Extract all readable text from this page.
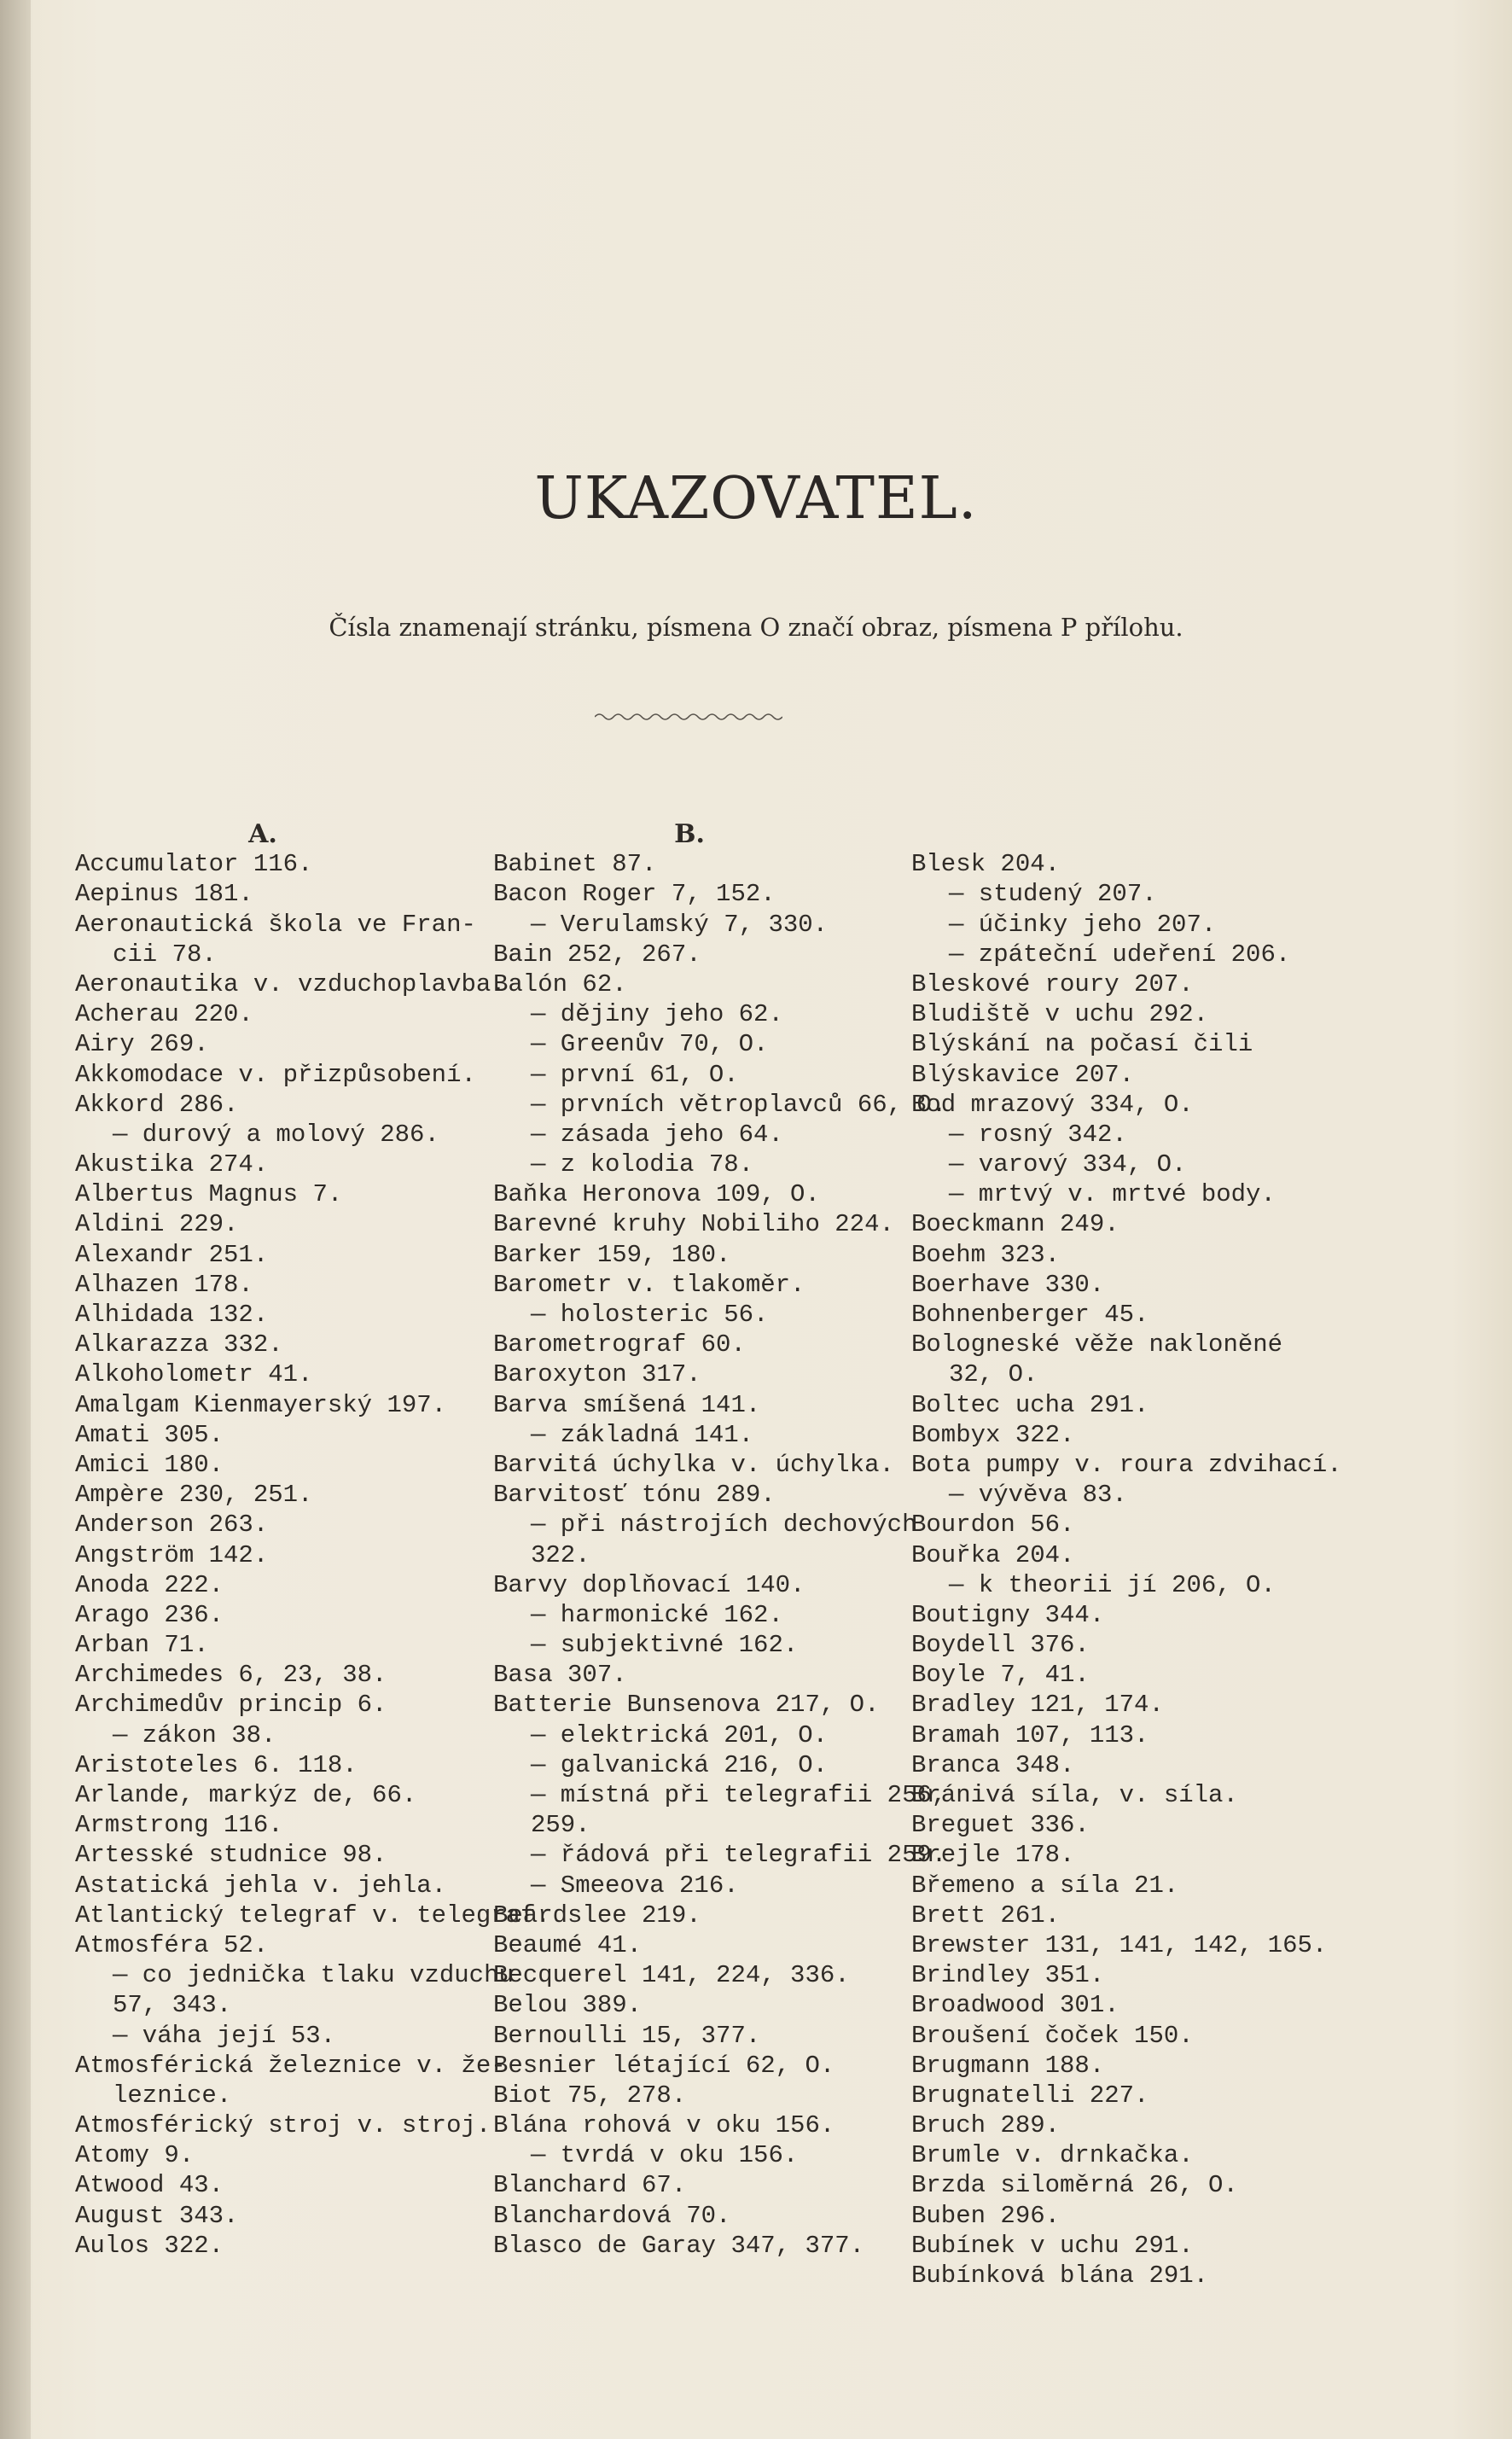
UKAZOVATEL.
Čísla znamenají stránku, písmena O značí obraz, písmena P přílohu.
A.
Accumulator 116.
Aepinus 181.
Aeronautická škola ve Fran-
cii 78.
Aeronautika v. vzduchoplavba.
Acherau 220.
Airy 269.
Akkomodace v. přizpůsobení.
Akkord 286.
— durový a molový 286.
Akustika 274.
Albertus Magnus 7.
Aldini 229.
Alexandr 251.
Alhazen 178.
Alhidada 132.
Alkarazza 332.
Alkoholometr 41.
Amalgam Kienmayerský 197.
Amati 305.
Amici 180.
Ampère 230, 251.
Anderson 263.
Angström 142.
Anoda 222.
Arago 236.
Arban 71.
Archimedes 6, 23, 38.
Archimedův princip 6.
— zákon 38.
Aristoteles 6. 118.
Arlande, markýz de, 66.
Armstrong 116.
Artesské studnice 98.
Astatická jehla v. jehla.
Atlantický telegraf v. telegraf.
Atmosféra 52.
— co jednička tlaku vzduchu
57, 343.
— váha její 53.
Atmosférická železnice v. že-
leznice.
Atmosférický stroj v. stroj.
Atomy 9.
Atwood 43.
August 343.
Aulos 322.
B.
Babinet 87.
Bacon Roger 7, 152.
— Verulamský 7, 330.
Bain 252, 267.
Balón 62.
— dějiny jeho 62.
— Greenův 70, O.
— první 61, O.
— prvních větroplavců 66, O.
— zásada jeho 64.
— z kolodia 78.
Baňka Heronova 109, O.
Barevné kruhy Nobiliho 224.
Barker 159, 180.
Barometr v. tlakoměr.
— holosteric 56.
Barometrograf 60.
Baroxyton 317.
Barva smíšená 141.
— základná 141.
Barvitá úchylka v. úchylka.
Barvitosť tónu 289.
— při nástrojích dechových
322.
Barvy doplňovací 140.
— harmonické 162.
— subjektivné 162.
Basa 307.
Batterie Bunsenova 217, O.
— elektrická 201, O.
— galvanická 216, O.
— místná při telegrafii 256,
259.
— řádová při telegrafii 259.
— Smeeova 216.
Beardslee 219.
Beaumé 41.
Becquerel 141, 224, 336.
Belou 389.
Bernoulli 15, 377.
Besnier létající 62, O.
Biot 75, 278.
Blána rohová v oku 156.
— tvrdá v oku 156.
Blanchard 67.
Blanchardová 70.
Blasco de Garay 347, 377.
Blesk 204.
— studený 207.
— účinky jeho 207.
— zpáteční udeření 206.
Bleskové roury 207.
Bludiště v uchu 292.
Blýskání na počasí čili
Blýskavice 207.
Bod mrazový 334, O.
— rosný 342.
— varový 334, O.
— mrtvý v. mrtvé body.
Boeckmann 249.
Boehm 323.
Boerhave 330.
Bohnenberger 45.
Bologneské věže nakloněné
32, O.
Boltec ucha 291.
Bombyx 322.
Bota pumpy v. roura zdvihací.
— vývěva 83.
Bourdon 56.
Bouřka 204.
— k theorii jí 206, O.
Boutigny 344.
Boydell 376.
Boyle 7, 41.
Bradley 121, 174.
Bramah 107, 113.
Branca 348.
Bránivá síla, v. síla.
Breguet 336.
Brejle 178.
Břemeno a síla 21.
Brett 261.
Brewster 131, 141, 142, 165.
Brindley 351.
Broadwood 301.
Broušení čoček 150.
Brugmann 188.
Brugnatelli 227.
Bruch 289.
Brumle v. drnkačka.
Brzda siloměrná 26, O.
Buben 296.
Bubínek v uchu 291.
Bubínková blána 291.
